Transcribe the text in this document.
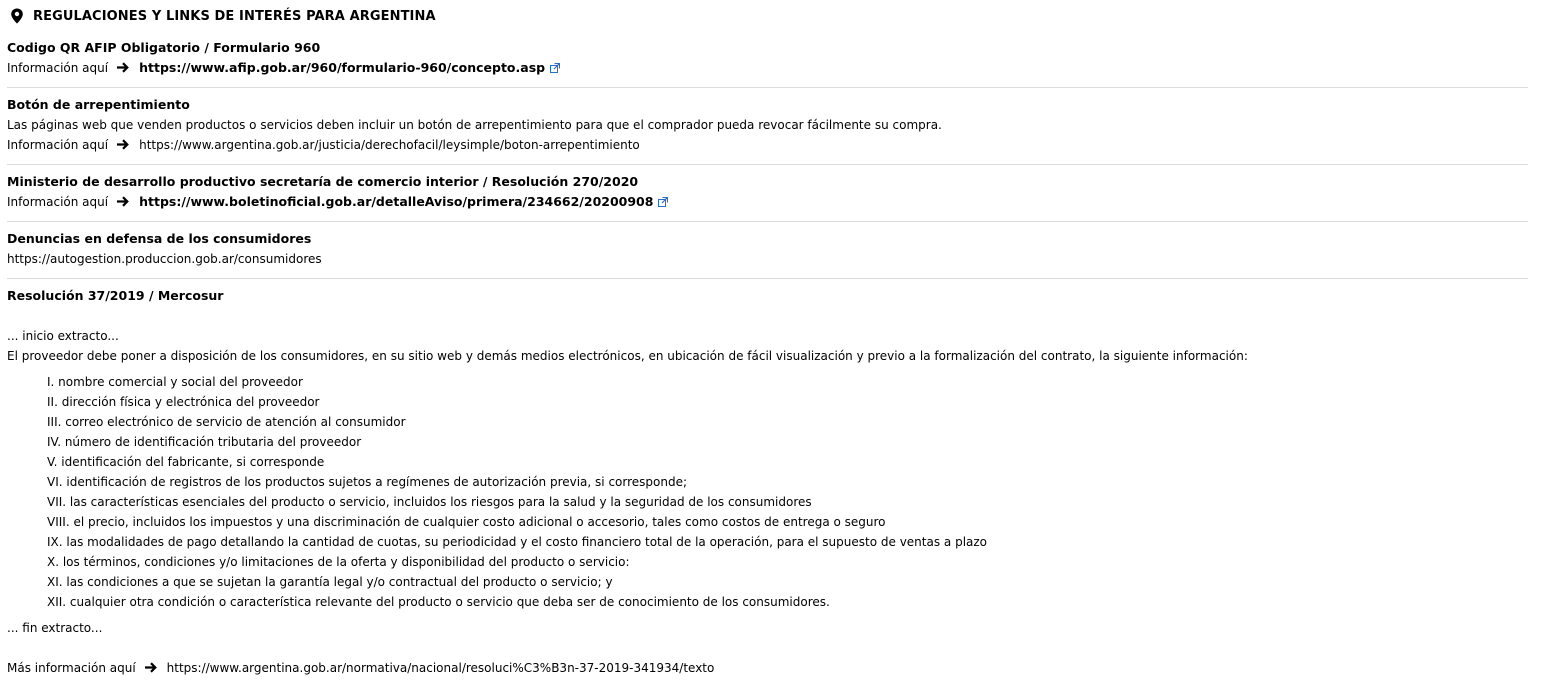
REGULACIONES Y LINKS DE INTERÉS PARA ARGENTINA
Codigo QR AFIP Obligatorio / Formulario 960
Información aquí https://www.afip.gob.ar/960/formulario-960/concepto.asp
Botón de arrepentimiento
Las páginas web que venden productos o servicios deben incluir un botón de arrepentimiento para que el comprador pueda revocar fácilmente su compra.
Información aquí	https://www.argentina.gob.ar/justicia/derechofacil/leysimple/boton-arrepentimiento
Ministerio de desarrollo productivo secretaría de comercio interior / Resolución 270/2020
Información aquí https://www.boletinoficial.gob.ar/detalleAviso/primera/234662/20200908
Denuncias en defensa de los consumidores
https://autogestion.produccion.gob.ar/consumidores
Resolución 37/2019 / Mercosur
... inicio extracto...
El proveedor debe poner a disposición de los consumidores, en su sitio web y demás medios electrónicos, en ubicación de fácil visualización y previo a la formalización del contrato, la siguiente información:
I. nombre comercial y social del proveedor
II. dirección física y electrónica del proveedor
III. correo electrónico de servicio de atención al consumidor
IV. número de identificación tributaria del proveedor
V. identificación del fabricante, si corresponde
VI. identificación de registros de los productos sujetos a regímenes de autorización previa, si corresponde;
VII. las características esenciales del producto o servicio, incluidos los riesgos para la salud y la seguridad de los consumidores
VIII. el precio, incluidos los impuestos y una discriminación de cualquier costo adicional o accesorio, tales como costos de entrega o seguro
IX. las modalidades de pago detallando la cantidad de cuotas, su periodicidad y el costo financiero total de la operación, para el supuesto de ventas a plazo
X. los términos, condiciones y/o limitaciones de la oferta y disponibilidad del producto o servicio:
XI. las condiciones a que se sujetan la garantía legal y/o contractual del producto o servicio; y
XII. cualquier otra condición o característica relevante del producto o servicio que deba ser de conocimiento de los consumidores.
... fin extracto...
Más información aquí	https://www.argentina.gob.ar/normativa/nacional/resoluci%C3%B3n-37-2019-341934/texto
